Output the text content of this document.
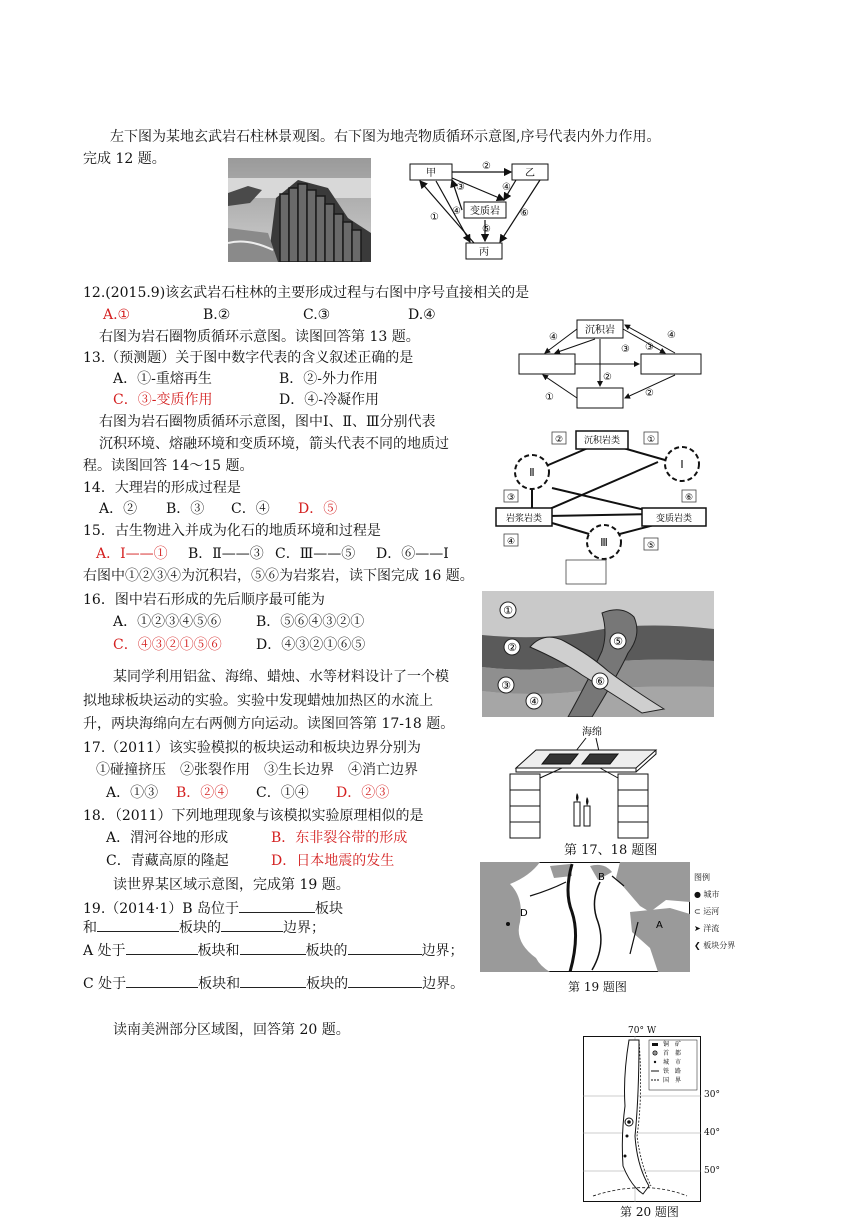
左下图为某地玄武岩石柱林景观图。右下图为地壳物质循环示意图,序号代表内外力作用。
完成 12 题。
甲	乙
变质岩
丙
②
③	④
④
⑤
①	⑥
12.(2015.9)该玄武岩石柱林的主要形成过程与右图中序号直接相关的是
A.①	B.②	C.③	D.④
右图为岩石圈物质循环示意图。读图回答第 13 题。
13.（预测题）关于图中数字代表的含义叙述正确的是
A．①-重熔再生	B．②-外力作用
C．③-变质作用	D．④-冷凝作用
沉积岩
④	④
③ ③
②
①	②
右图为岩石圈物质循环示意图，图中Ⅰ、Ⅱ、Ⅲ分别代表
沉积环境、熔融环境和变质环境，箭头代表不同的地质过
程。读图回答 14～15 题。
沉积岩类
岩浆岩类	变质岩类
Ⅱ
Ⅰ
Ⅲ
②	①
③	⑥
④	⑤
14．大理岩的形成过程是
A．② B．③ C．④ D．⑤
15．古生物进入并成为化石的地质环境和过程是
A．Ⅰ——① B．Ⅱ——③ C．Ⅲ——⑤ D．⑥——Ⅰ
右图中①②③④为沉积岩，⑤⑥为岩浆岩，读下图完成 16 题。
16．图中岩石形成的先后顺序最可能为
A．①②③④⑤⑥ B．⑤⑥④③②①
C．④③②①⑤⑥ D．④③②①⑥⑤
①
②
③
④
⑤
⑥
某同学利用铝盆、海绵、蜡烛、水等材料设计了一个模
拟地球板块运动的实验。实验中发现蜡烛加热区的水流上
升，两块海绵向左右两侧方向运动。读图回答第 17-18 题。
海绵
第 17、18 题图
17.（2011）该实验模拟的板块运动和板块边界分别为
①碰撞挤压　②张裂作用　③生长边界　④消亡边界
A．①③ B．②④ C．①④ D．②③
18．（2011）下列地理现象与该模拟实验原理相似的是
A．渭河谷地的形成	B．东非裂谷带的形成
C．青藏高原的隆起	D．日本地震的发生
B
A
D
图例
● 城市
⊂ 运河
➤ 洋流
❮ 板块分界
第 19 题图
读世界某区域示意图，完成第 19 题。
19.（2014·1）B 岛位于	板块
和	板块的	边界；
A 处于	板块和	板块的	边界；
C 处于	板块和	板块的	边界。
读南美洲部分区域图，回答第 20 题。	70° W
铜　矿
首　都
城　市
铁　路
国　界
30°
40°
50°
第 20 题图
